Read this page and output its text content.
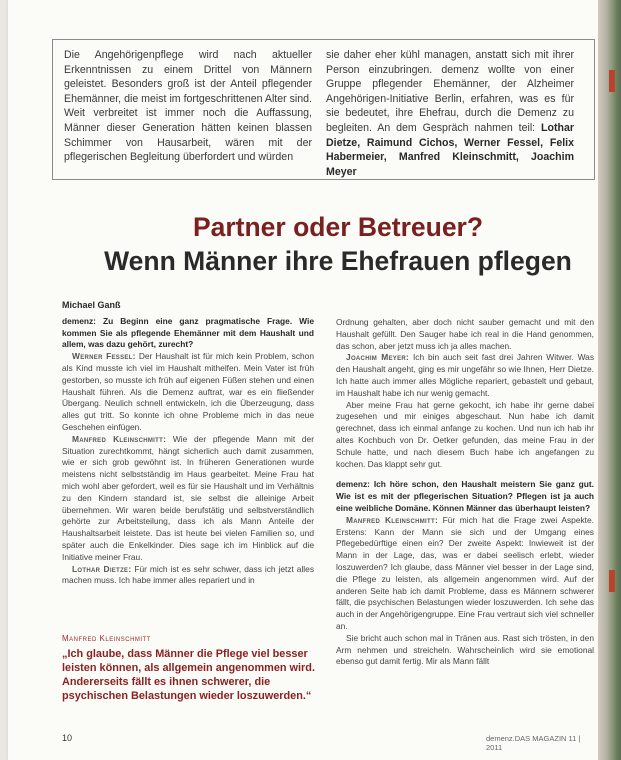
Die Angehörigenpflege wird nach aktueller Erkenntnissen zu einem Drittel von Männern geleistet. Besonders groß ist der Anteil pflegender Ehemänner, die meist im fortgeschrittenen Alter sind. Weit verbreitet ist immer noch die Auffassung, Männer dieser Generation hätten keinen blassen Schimmer von Hausarbeit, wären mit der pflegerischen Begleitung überfordert und würden
sie daher eher kühl managen, anstatt sich mit ihrer Person einzubringen. demenz wollte von einer Gruppe pflegender Ehemänner, der Alzheimer Angehörigen-Initiative Berlin, erfahren, was es für sie bedeutet, ihre Ehefrau, durch die Demenz zu begleiten. An dem Gespräch nahmen teil: Lothar Dietze, Raimund Cichos, Werner Fessel, Felix Habermeier, Manfred Kleinschmitt, Joachim Meyer
Partner oder Betreuer?
Wenn Männer ihre Ehefrauen pflegen
Michael Ganß

demenz: Zu Beginn eine ganz pragmatische Frage. Wie kommen Sie als pflegende Ehemänner mit dem Haushalt und allem, was dazu gehört, zurecht?

Werner Fessel: Der Haushalt ist für mich kein Problem, schon als Kind musste ich viel im Haushalt mithelfen. Mein Vater ist früh gestorben, so musste ich früh auf eigenen Füßen stehen und einen Haushalt führen. Als die Demenz auftrat, war es ein fließender Übergang. Neulich schnell entwickeln, ich die Überzeugung, dass alles gut tritt. So konnte ich ohne Probleme mich in das neue Geschehen einfügen.

Manfred Kleinschmitt: Wie der pflegende Mann mit der Situation zurechtkommt, hängt sicherlich auch damit zusammen, wie er sich grob gewöhnt ist. In früheren Generationen wurde meistens nicht selbstständig im Haus gearbeitet. Meine Frau hat mich wohl aber gefordert, weil es für sie Haushalt und im Verhältnis zu den Kindern standard ist, sie selbst die alleinige Arbeit übernehmen. Wir waren beide berufstätig und selbstverständlich gehörte zur Arbeitsteilung, dass ich als Mann Anteile der Haushaltsarbeit leistete. Das ist heute bei vielen Familien so, und später auch die Enkelkinder. Dies sage ich im Hinblick auf die Initiative meiner Frau.

Lothar Dietze: Für mich ist es sehr schwer, dass ich jetzt alles machen muss. Ich habe immer alles repariert und in

Ordnung gehalten, aber doch nicht sauber gemacht und mit den Haushalt gefüllt. Den Sauger habe ich real in die Hand genommen, das schon, aber jetzt muss ich ja alles machen.

Joachim Meyer: Ich bin auch seit fast drei Jahren Witwer. Was den Haushalt angeht, ging es mir ungefähr so wie Ihnen, Herr Dietze. Ich hatte auch immer alles Mögliche repariert, gebastelt und gebaut, im Haushalt habe ich nur wenig gemacht.

Aber meine Frau hat gerne gekocht, ich habe ihr gerne dabei zugesehen und mir einiges abgeschaut. Nun habe ich damit gerechnet, dass ich einmal anfange zu kochen. Und nun ich hab ihr altes Kochbuch von Dr. Oetker gefunden, das meine Frau in der Schule hatte, und nach diesem Buch habe ich angefangen zu kochen. Das klappt sehr gut.

demenz: Ich höre schon, den Haushalt meistern Sie ganz gut. Wie ist es mit der pflegerischen Situation? Pflegen ist ja auch eine weibliche Domäne. Können Männer das überhaupt leisten?

Manfred Kleinschmitt: Für mich hat die Frage zwei Aspekte. Erstens: Kann der Mann sie sich und der Umgang eines Pflegebedürftige einen ein? Der zweite Aspekt: Inwieweit ist der Mann in der Lage, das, was er dabei seelisch erlebt, wieder loszuwerden? Ich glaube, dass Männer viel besser in der Lage sind, die Pflege zu leisten, als allgemein angenommen wird. Auf der anderen Seite hab ich damit Probleme, dass es Männern schwerer fällt, die psychischen Belastungen wieder loszuwerden. Ich sehe das auch in der Angehörigengruppe. Eine Frau vertraut sich viel schneller an.

Sie bricht auch schon mal in Tränen aus. Rast sich trösten, in den Arm nehmen und streicheln. Wahrscheinlich wird sie emotional ebenso gut damit fertig. Mir als Mann fällt

Manfred Kleinschmitt
„Ich glaube, dass Männer die Pflege viel besser leisten können, als allgemein angenommen wird. Andererseits fällt es ihnen schwerer, die psychischen Belastungen wieder loszuwerden.“
10	demenz.DAS MAGAZIN 11 | 2011
